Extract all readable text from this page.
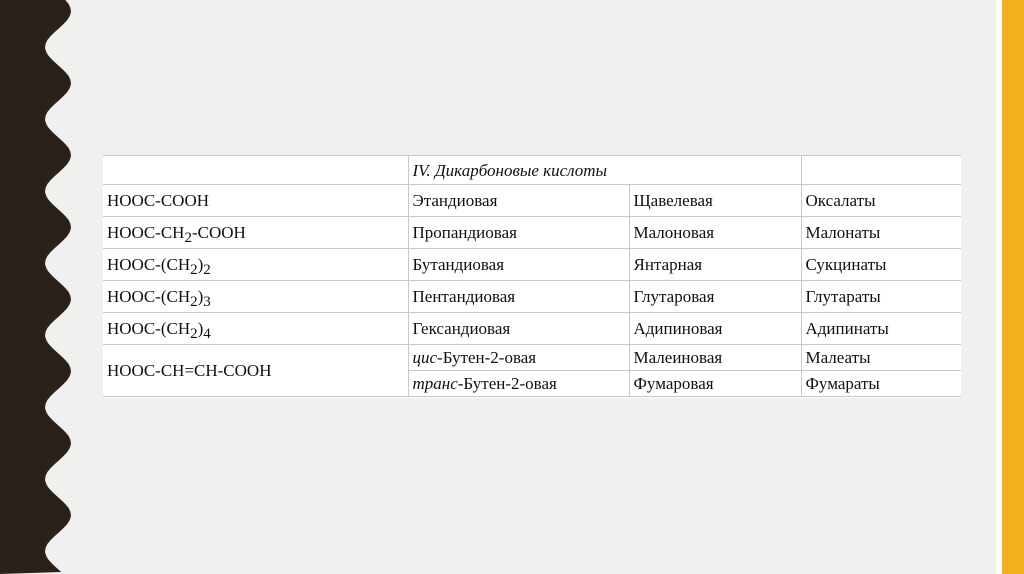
	IV. Дикарбоновые кислоты		
HOOC-COOH	Этандиовая	Щавелевая	Оксалаты
HOOC-CH2-COOH	Пропандиовая	Малоновая	Малонаты
HOOC-(CH2)2	Бутандиовая	Янтарная	Сукцинаты
HOOC-(CH2)3	Пентандиовая	Глутаровая	Глутараты
HOOC-(CH2)4	Гександиовая	Адипиновая	Адипинаты
HOOC-CH=CH-COOH	цис-Бутен-2-овая	Малеиновая	Малеаты
	транс-Бутен-2-овая	Фумаровая	Фумараты
